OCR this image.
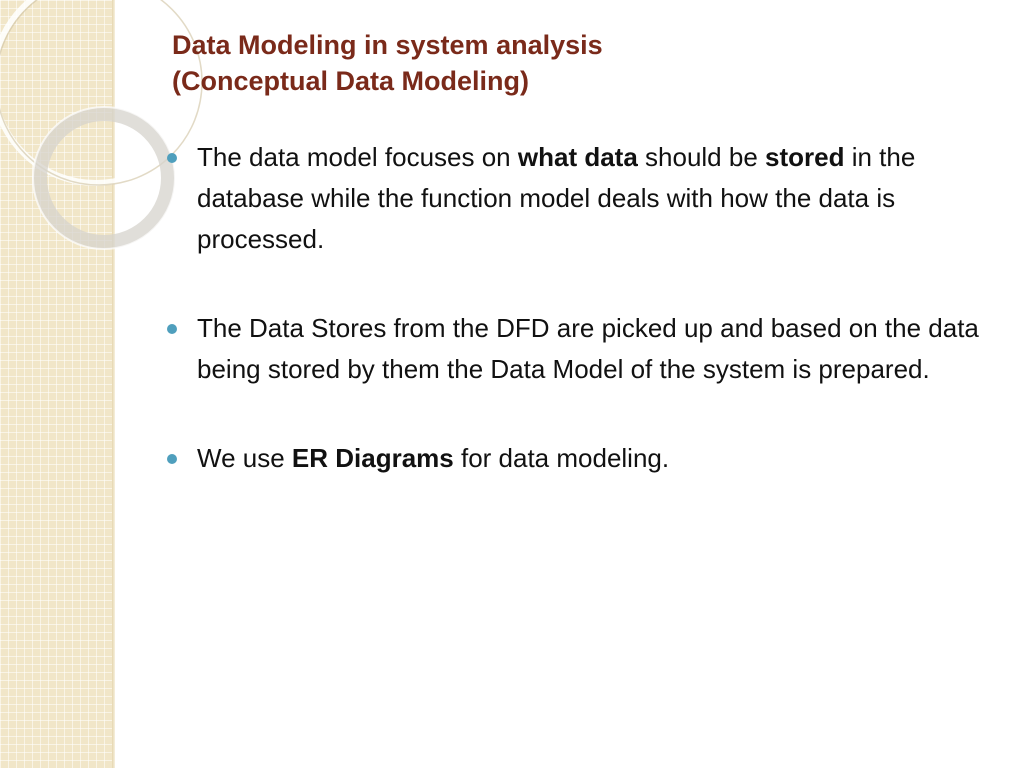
Data Modeling in system analysis
(Conceptual Data Modeling)
The data model focuses on what data should be stored in the database while the function model deals with how the data is processed.
The Data Stores from the DFD are picked up and based on the data being stored by them the Data Model of the system is prepared.
We use ER Diagrams for data modeling.
